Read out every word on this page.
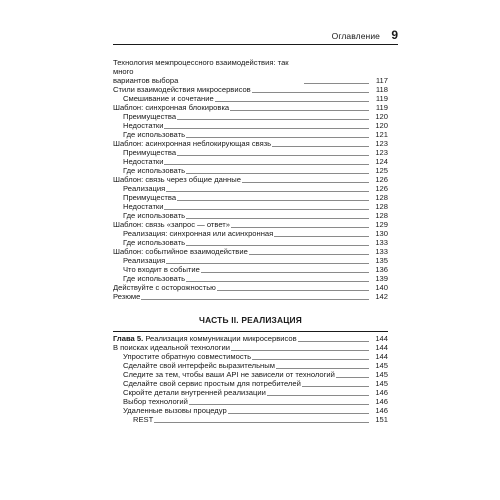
Оглавление 9
Технология межпроцессного взаимодействия: так много
вариантов выбора	117
Стили взаимодействия микросервисов	118
Смешивание и сочетание	119
Шаблон: синхронная блокировка	119
Преимущества	120
Недостатки	120
Где использовать	121
Шаблон: асинхронная неблокирующая связь	123
Преимущества	123
Недостатки	124
Где использовать	125
Шаблон: связь через общие данные	126
Реализация	126
Преимущества	128
Недостатки	128
Где использовать	128
Шаблон: связь «запрос — ответ»	129
Реализация: синхронная или асинхронная	130
Где использовать	133
Шаблон: событийное взаимодействие	133
Реализация	135
Что входит в событие	136
Где использовать	139
Действуйте с осторожностью	140
Резюме	142
ЧАСТЬ II. РЕАЛИЗАЦИЯ
Глава 5. Реализация коммуникации микросервисов	144
В поисках идеальной технологии	144
Упростите обратную совместимость	144
Сделайте свой интерфейс выразительным	145
Следите за тем, чтобы ваши API не зависели от технологий	145
Сделайте свой сервис простым для потребителей	145
Скройте детали внутренней реализации	146
Выбор технологий	146
Удаленные вызовы процедур	146
REST	151
